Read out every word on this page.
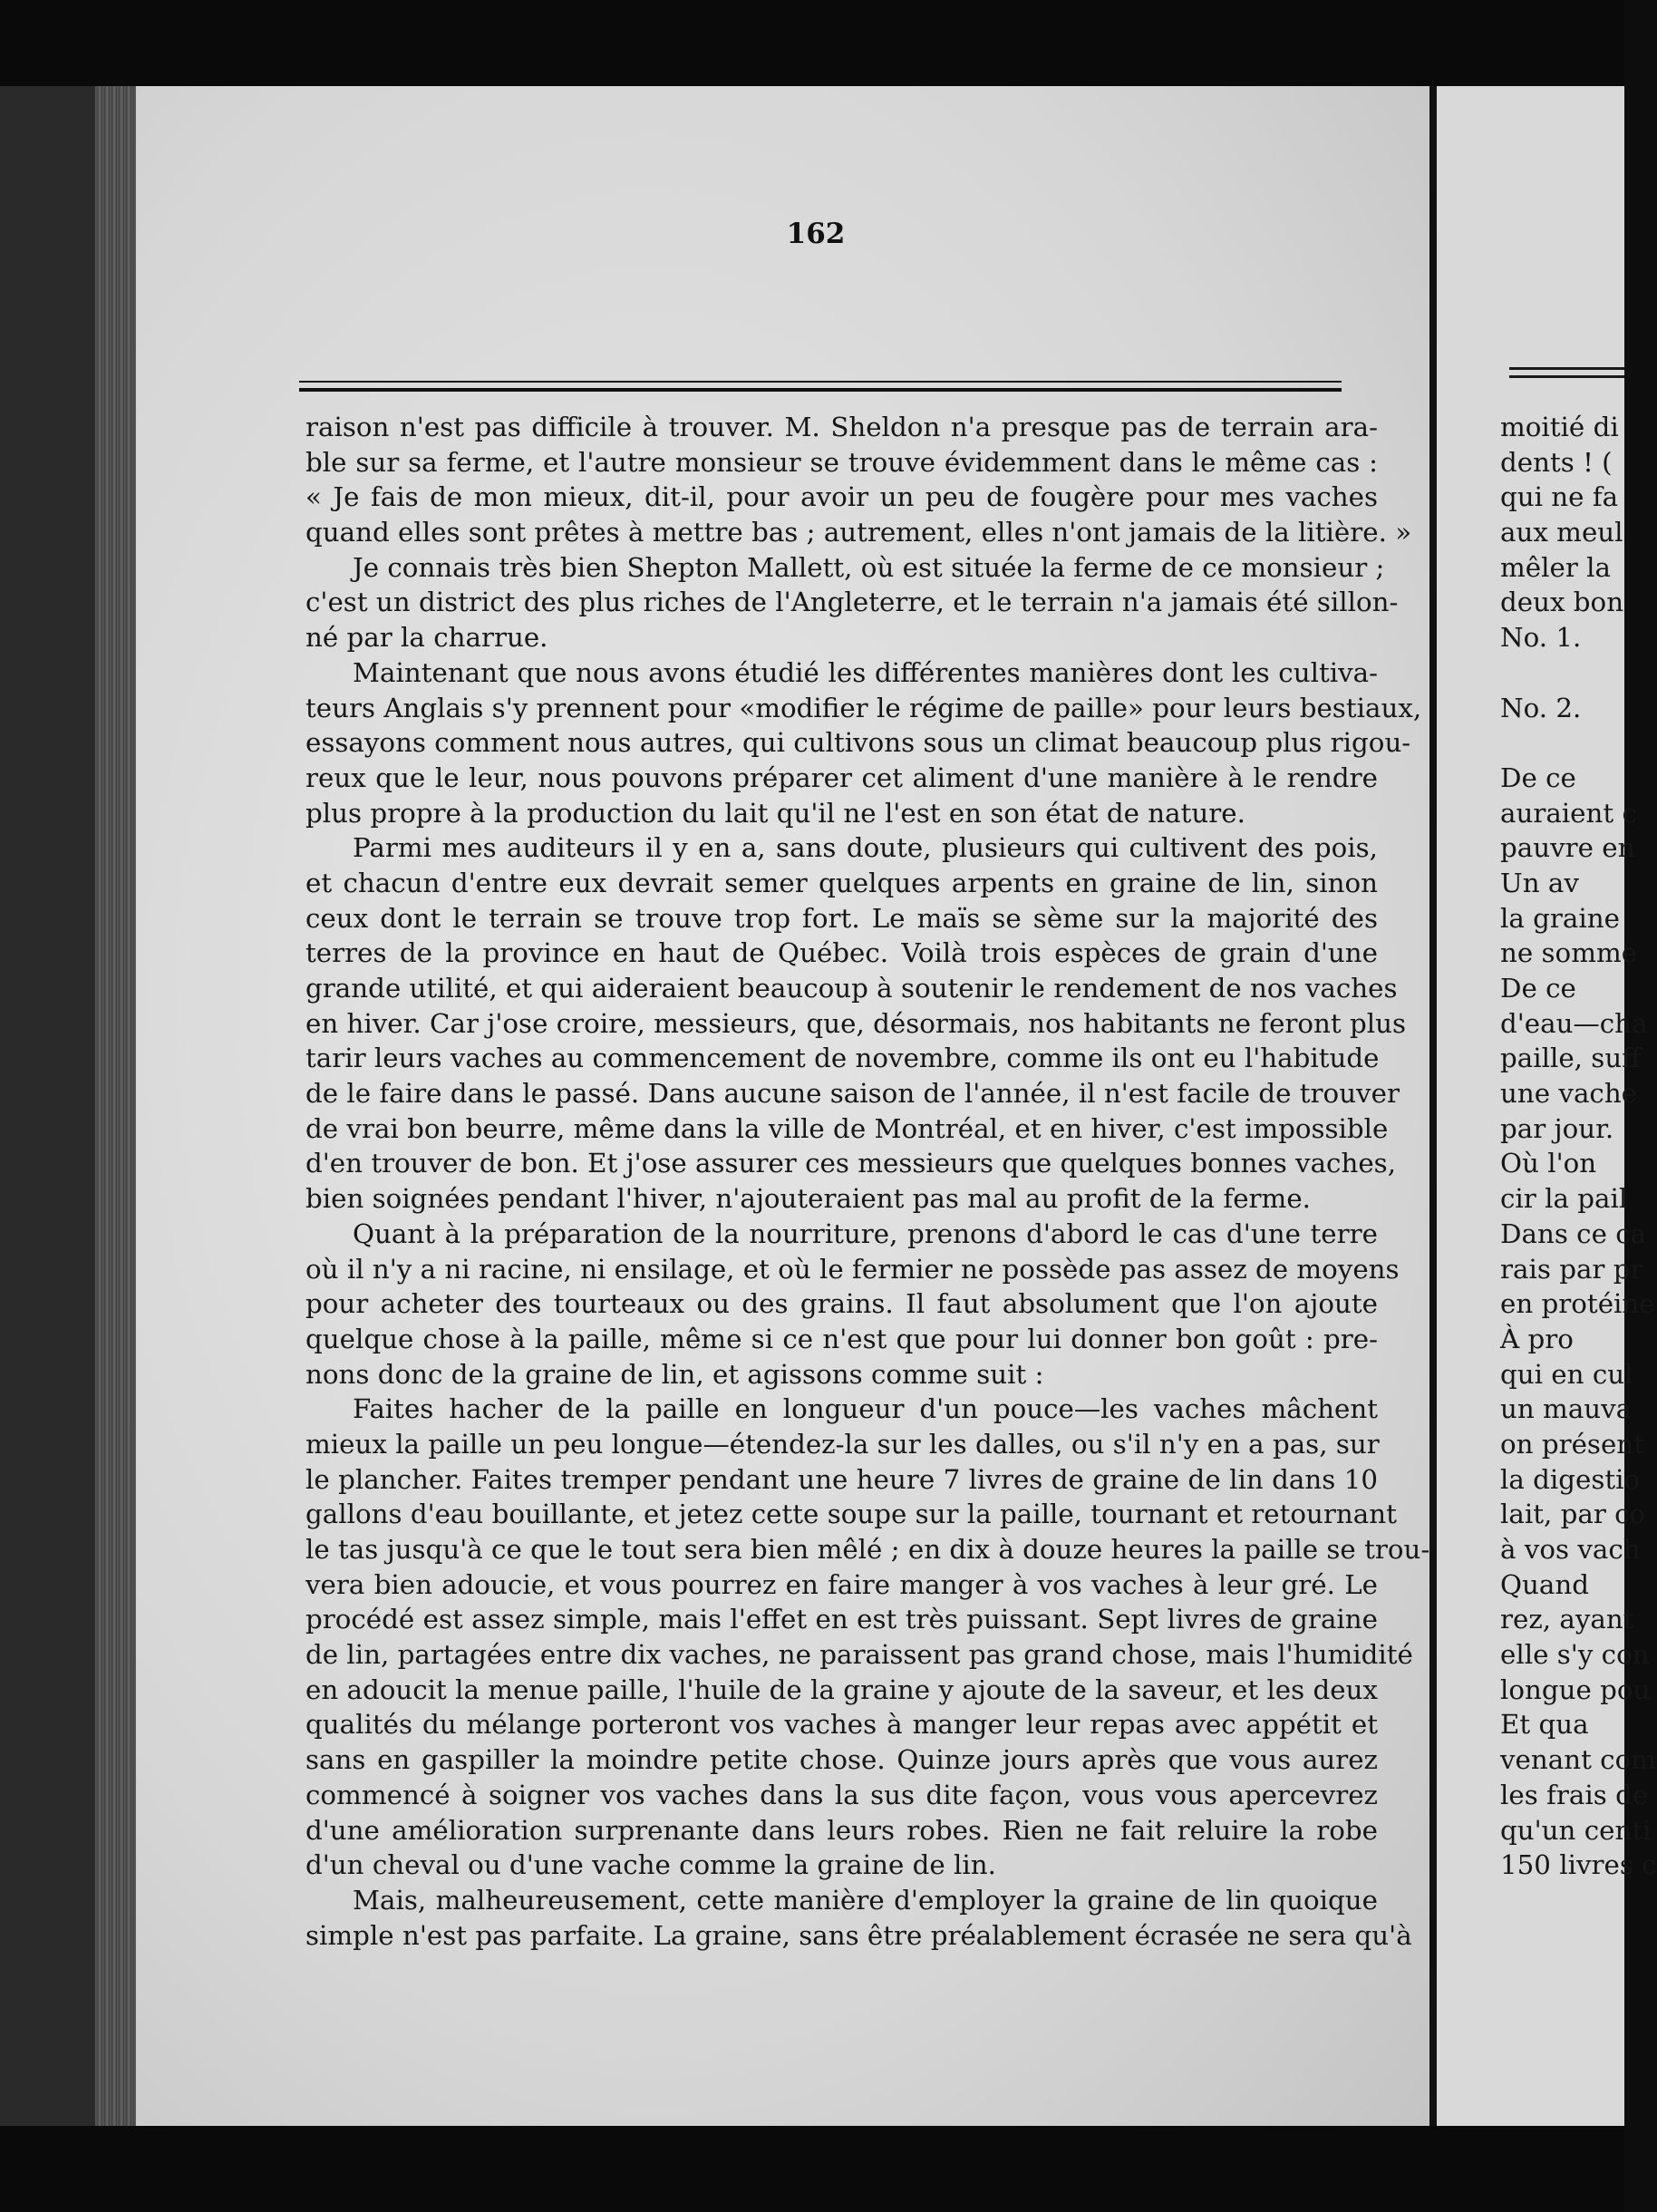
162
raison n'est pas difficile à trouver. M. Sheldon n'a presque pas de terrain ara-
ble sur sa ferme, et l'autre monsieur se trouve évidemment dans le même cas :
« Je fais de mon mieux, dit-il, pour avoir un peu de fougère pour mes vaches
quand elles sont prêtes à mettre bas ; autrement, elles n'ont jamais de la litière. »
Je connais très bien Shepton Mallett, où est située la ferme de ce monsieur ;
c'est un district des plus riches de l'Angleterre, et le terrain n'a jamais été sillon-
né par la charrue.
Maintenant que nous avons étudié les différentes manières dont les cultiva-
teurs Anglais s'y prennent pour «modifier le régime de paille» pour leurs bestiaux,
essayons comment nous autres, qui cultivons sous un climat beaucoup plus rigou-
reux que le leur, nous pouvons préparer cet aliment d'une manière à le rendre
plus propre à la production du lait qu'il ne l'est en son état de nature.
Parmi mes auditeurs il y en a, sans doute, plusieurs qui cultivent des pois,
et chacun d'entre eux devrait semer quelques arpents en graine de lin, sinon
ceux dont le terrain se trouve trop fort. Le maïs se sème sur la majorité des
terres de la province en haut de Québec. Voilà trois espèces de grain d'une
grande utilité, et qui aideraient beaucoup à soutenir le rendement de nos vaches
en hiver. Car j'ose croire, messieurs, que, désormais, nos habitants ne feront plus
tarir leurs vaches au commencement de novembre, comme ils ont eu l'habitude
de le faire dans le passé. Dans aucune saison de l'année, il n'est facile de trouver
de vrai bon beurre, même dans la ville de Montréal, et en hiver, c'est impossible
d'en trouver de bon. Et j'ose assurer ces messieurs que quelques bonnes vaches,
bien soignées pendant l'hiver, n'ajouteraient pas mal au profit de la ferme.
Quant à la préparation de la nourriture, prenons d'abord le cas d'une terre
où il n'y a ni racine, ni ensilage, et où le fermier ne possède pas assez de moyens
pour acheter des tourteaux ou des grains. Il faut absolument que l'on ajoute
quelque chose à la paille, même si ce n'est que pour lui donner bon goût : pre-
nons donc de la graine de lin, et agissons comme suit :
Faites hacher de la paille en longueur d'un pouce—les vaches mâchent
mieux la paille un peu longue—étendez-la sur les dalles, ou s'il n'y en a pas, sur
le plancher. Faites tremper pendant une heure 7 livres de graine de lin dans 10
gallons d'eau bouillante, et jetez cette soupe sur la paille, tournant et retournant
le tas jusqu'à ce que le tout sera bien mêlé ; en dix à douze heures la paille se trou-
vera bien adoucie, et vous pourrez en faire manger à vos vaches à leur gré. Le
procédé est assez simple, mais l'effet en est très puissant. Sept livres de graine
de lin, partagées entre dix vaches, ne paraissent pas grand chose, mais l'humidité
en adoucit la menue paille, l'huile de la graine y ajoute de la saveur, et les deux
qualités du mélange porteront vos vaches à manger leur repas avec appétit et
sans en gaspiller la moindre petite chose. Quinze jours après que vous aurez
commencé à soigner vos vaches dans la sus dite façon, vous vous apercevrez
d'une amélioration surprenante dans leurs robes. Rien ne fait reluire la robe
d'un cheval ou d'une vache comme la graine de lin.
Mais, malheureusement, cette manière d'employer la graine de lin quoique
simple n'est pas parfaite. La graine, sans être préalablement écrasée ne sera qu'à
moitié di
dents ! (
qui ne fa
aux meul
mêler la
deux bon
No. 1.
No. 2.
De ce
auraient c
pauvre en
Un av
la graine
ne somme
De ce
d'eau—cha
paille, suff
une vache
par jour.
Où l'on
cir la pail
Dans ce ca
rais par pr
en protéine
À pro
qui en cul
un mauva
on présent
la digestio
lait, par co
à vos vach
Quand
rez, ayant
elle s'y con
longue pou
Et qua
venant com
les frais de
qu'un centi
150 livres c
